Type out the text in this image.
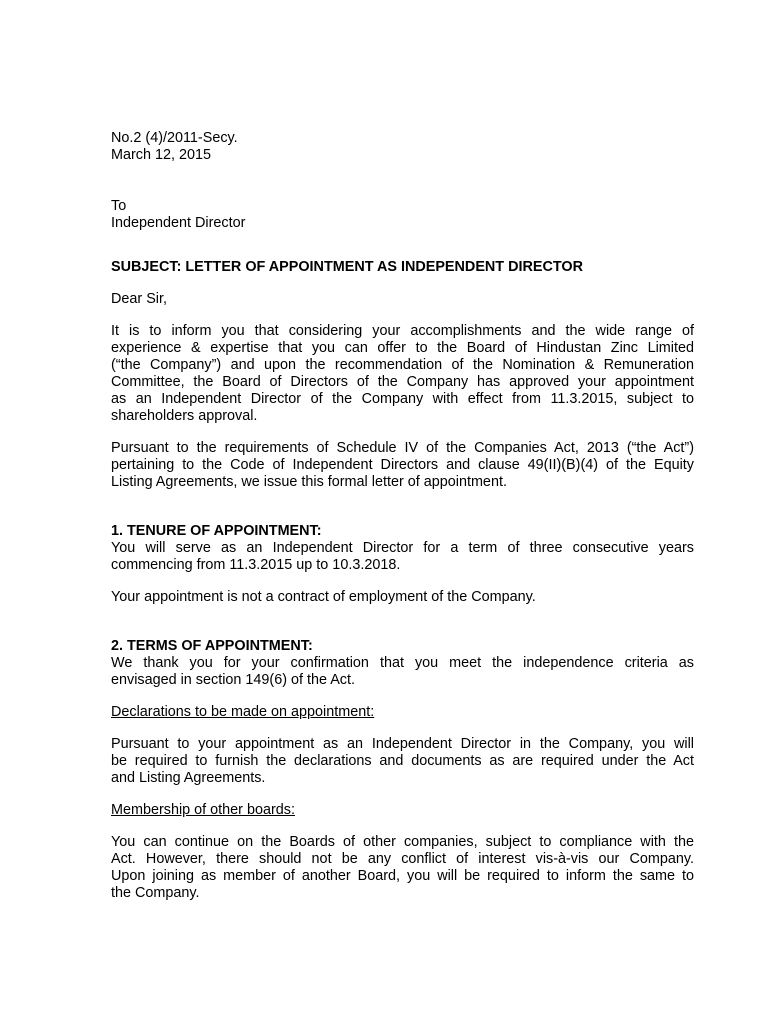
No.2 (4)/2011-Secy.
March 12, 2015
To
Independent Director
SUBJECT: LETTER OF APPOINTMENT AS INDEPENDENT DIRECTOR
Dear Sir,
It is to inform you that considering your accomplishments and the wide range of
experience & expertise that you can offer to the Board of Hindustan Zinc Limited
(“the Company”) and upon the recommendation of the Nomination & Remuneration
Committee, the Board of Directors of the Company has approved your appointment
as an Independent Director of the Company with effect from 11.3.2015, subject to
shareholders approval.
Pursuant to the requirements of Schedule IV of the Companies Act, 2013 (“the Act”)
pertaining to the Code of Independent Directors and clause 49(II)(B)(4) of the Equity
Listing Agreements, we issue this formal letter of appointment.
1. TENURE OF APPOINTMENT:
You will serve as an Independent Director for a term of three consecutive years
commencing from 11.3.2015 up to 10.3.2018.
Your appointment is not a contract of employment of the Company.
2. TERMS OF APPOINTMENT:
We thank you for your confirmation that you meet the independence criteria as
envisaged in section 149(6) of the Act.
Declarations to be made on appointment:
Pursuant to your appointment as an Independent Director in the Company, you will
be required to furnish the declarations and documents as are required under the Act
and Listing Agreements.
Membership of other boards:
You can continue on the Boards of other companies, subject to compliance with the
Act. However, there should not be any conflict of interest vis-à-vis our Company.
Upon joining as member of another Board, you will be required to inform the same to
the Company.
